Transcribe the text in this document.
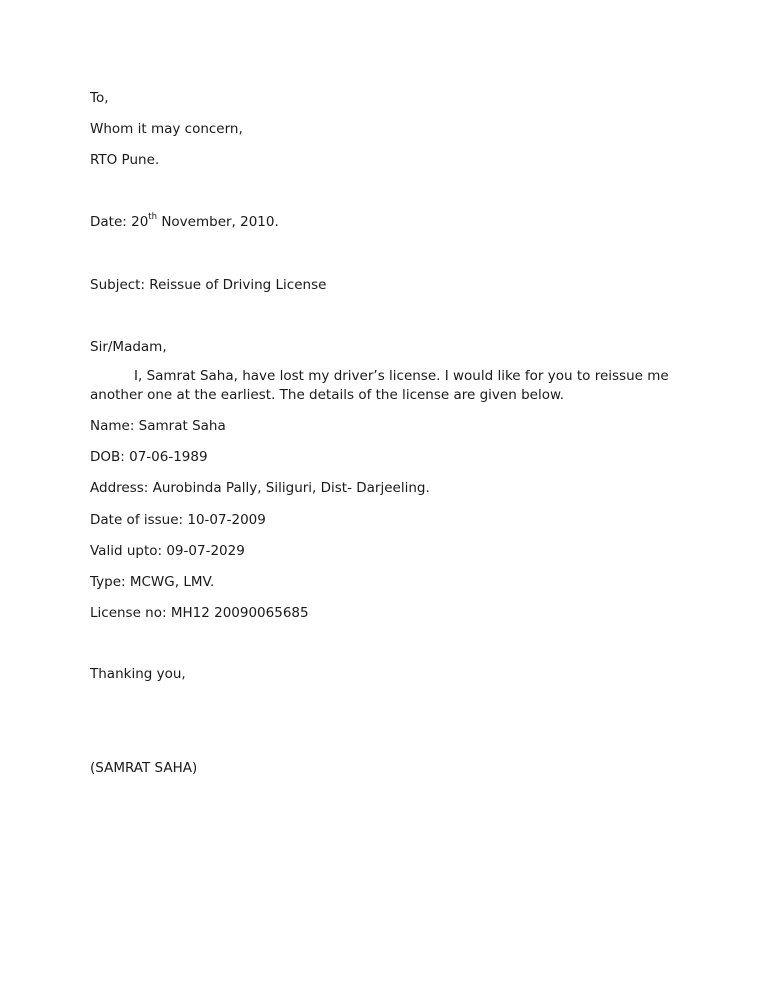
To,
Whom it may concern,
RTO Pune.
Date: 20th November, 2010.
Subject: Reissue of Driving License
Sir/Madam,
I, Samrat Saha, have lost my driver’s license. I would like for you to reissue me another one at the earliest. The details of the license are given below.
Name: Samrat Saha
DOB: 07-06-1989
Address: Aurobinda Pally, Siliguri, Dist- Darjeeling.
Date of issue: 10-07-2009
Valid upto: 09-07-2029
Type: MCWG, LMV.
License no: MH12 20090065685
Thanking you,
(SAMRAT SAHA)
